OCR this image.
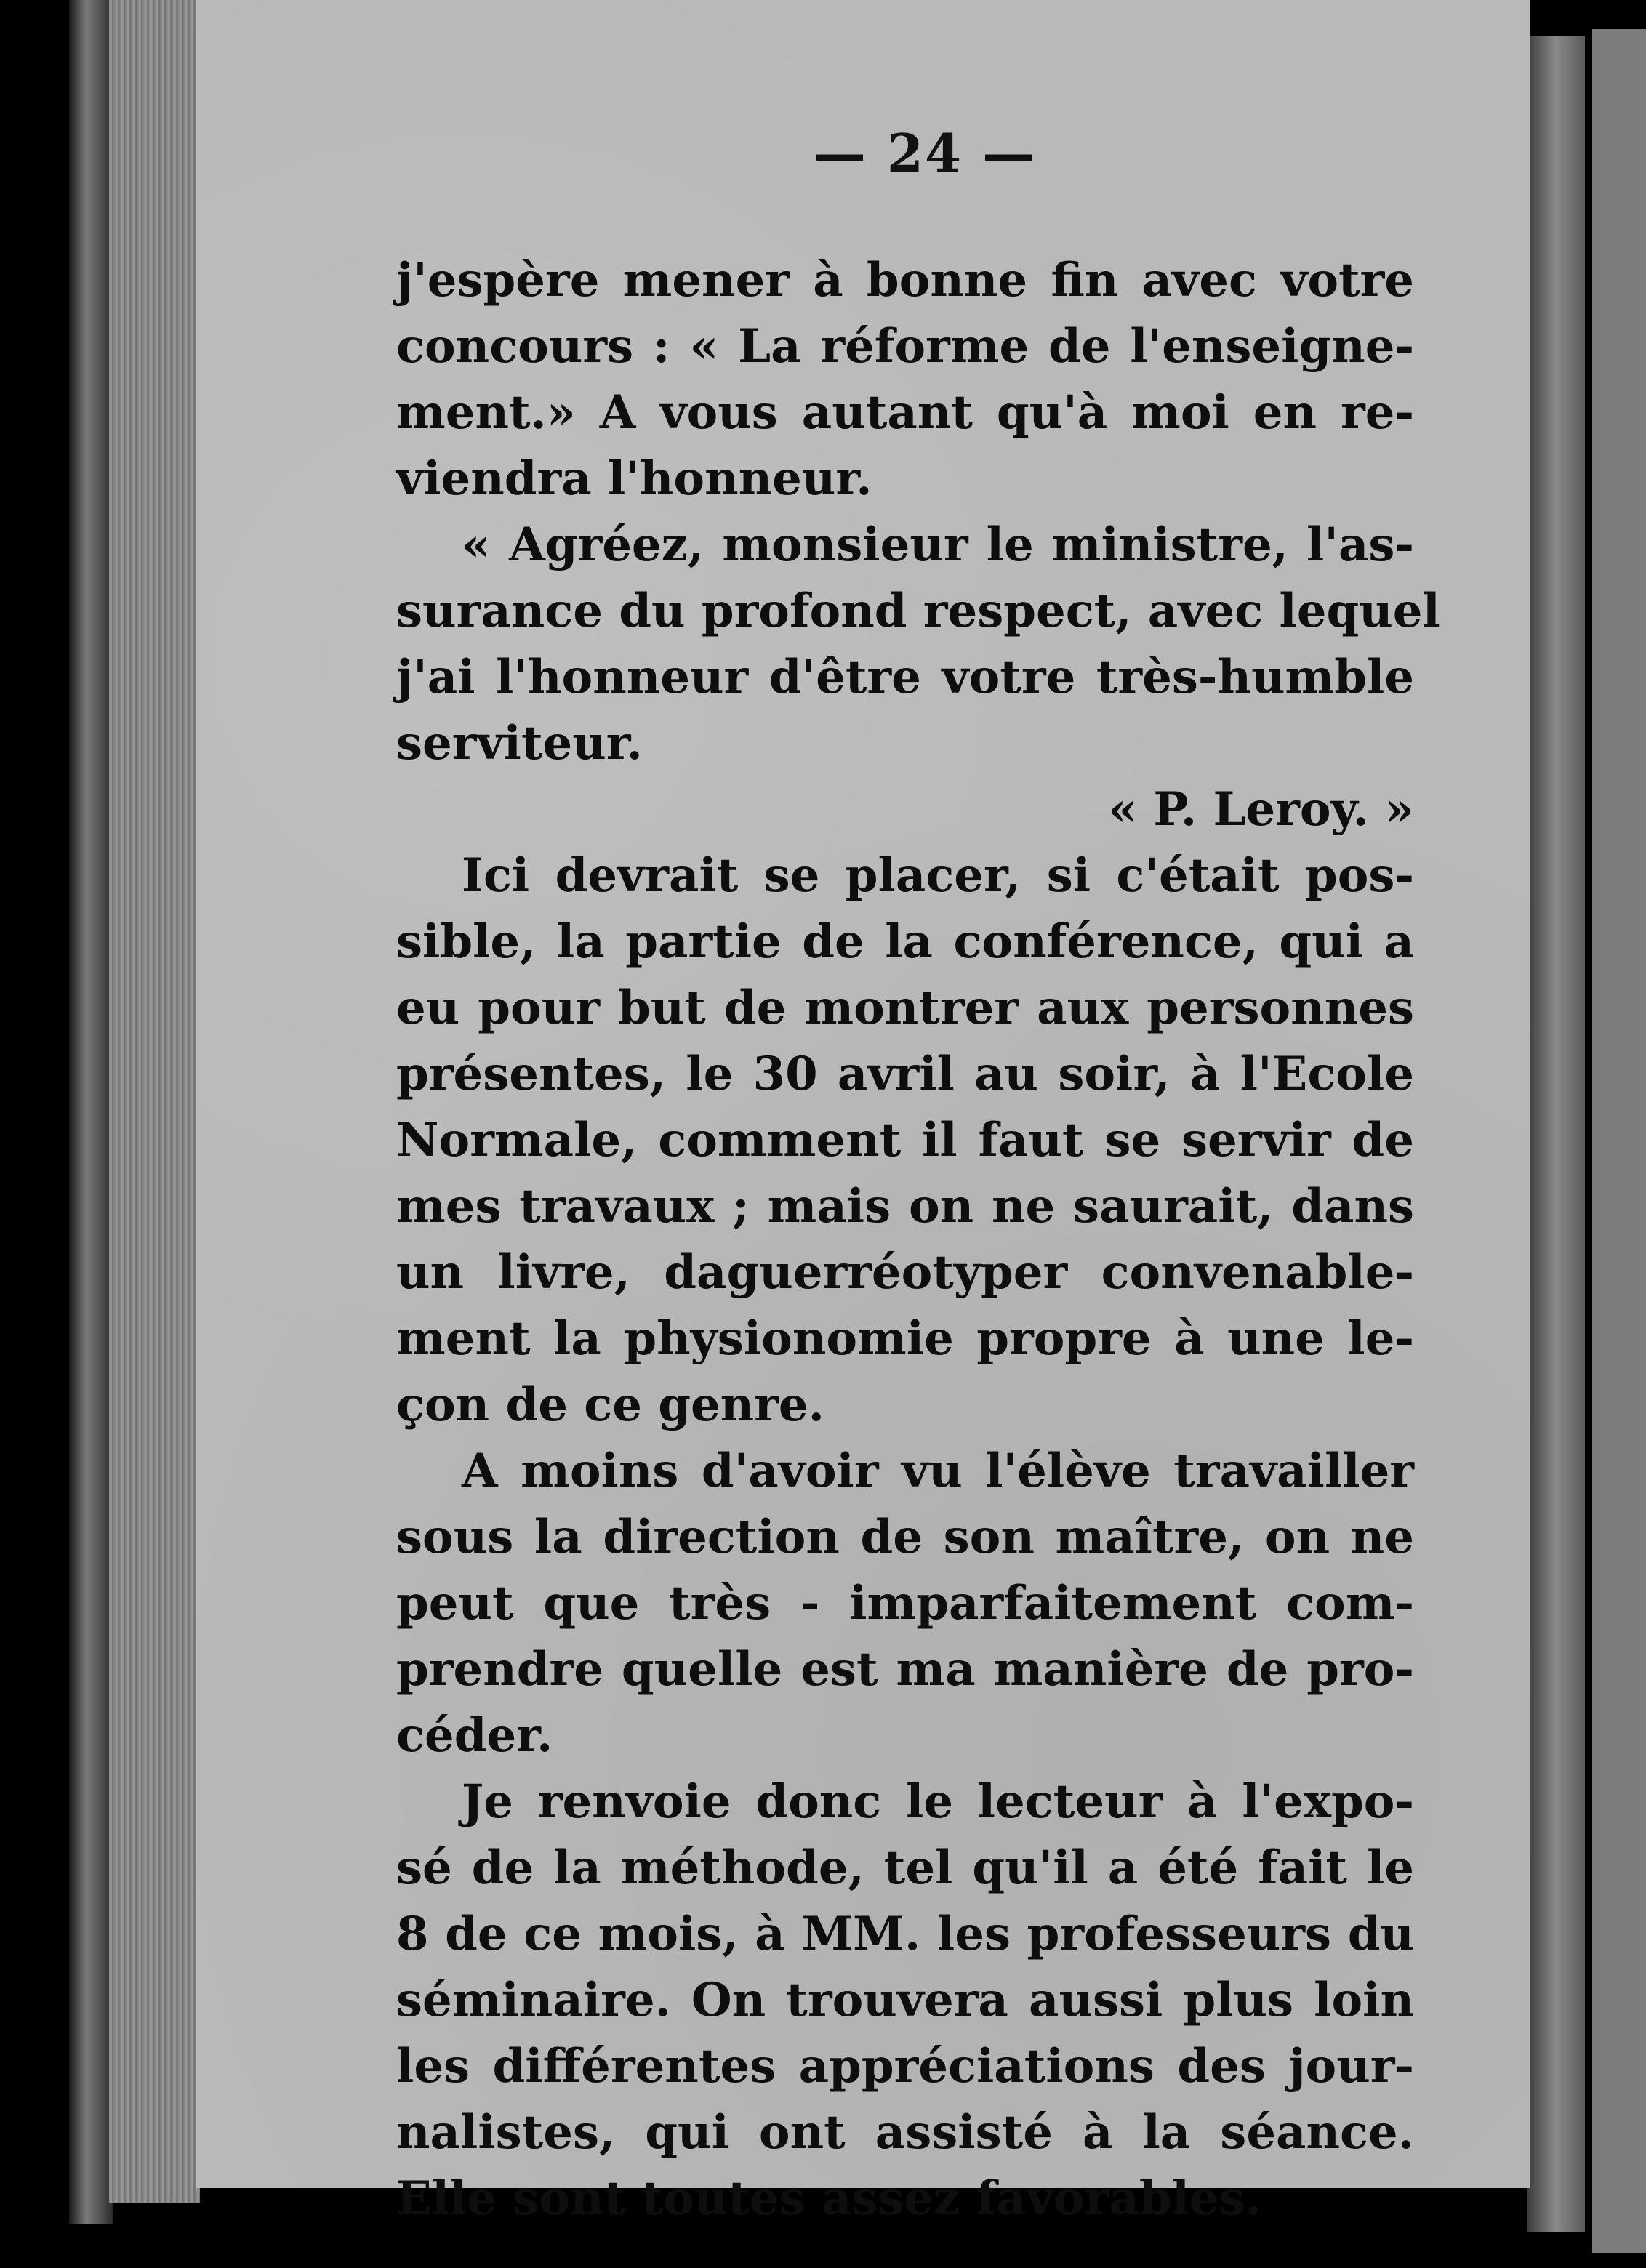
— 24 —
j'espère mener à bonne fin avec votre
concours : « La réforme de l'enseigne-
ment.» A vous autant qu'à moi en re-
viendra l'honneur.
« Agréez, monsieur le ministre, l'as-
surance du profond respect, avec lequel
j'ai l'honneur d'être votre très-humble
serviteur.
« P. Leroy. »
Ici devrait se placer, si c'était pos-
sible, la partie de la conférence, qui a
eu pour but de montrer aux personnes
présentes, le 30 avril au soir, à l'Ecole
Normale, comment il faut se servir de
mes travaux ; mais on ne saurait, dans
un livre, daguerréotyper convenable-
ment la physionomie propre à une le-
çon de ce genre.
A moins d'avoir vu l'élève travailler
sous la direction de son maître, on ne
peut que très - imparfaitement com-
prendre quelle est ma manière de pro-
céder.
Je renvoie donc le lecteur à l'expo-
sé de la méthode, tel qu'il a été fait le
8 de ce mois, à MM. les professeurs du
séminaire. On trouvera aussi plus loin
les différentes appréciations des jour-
nalistes, qui ont assisté à la séance.
Elle sont toutes assez favorables.
